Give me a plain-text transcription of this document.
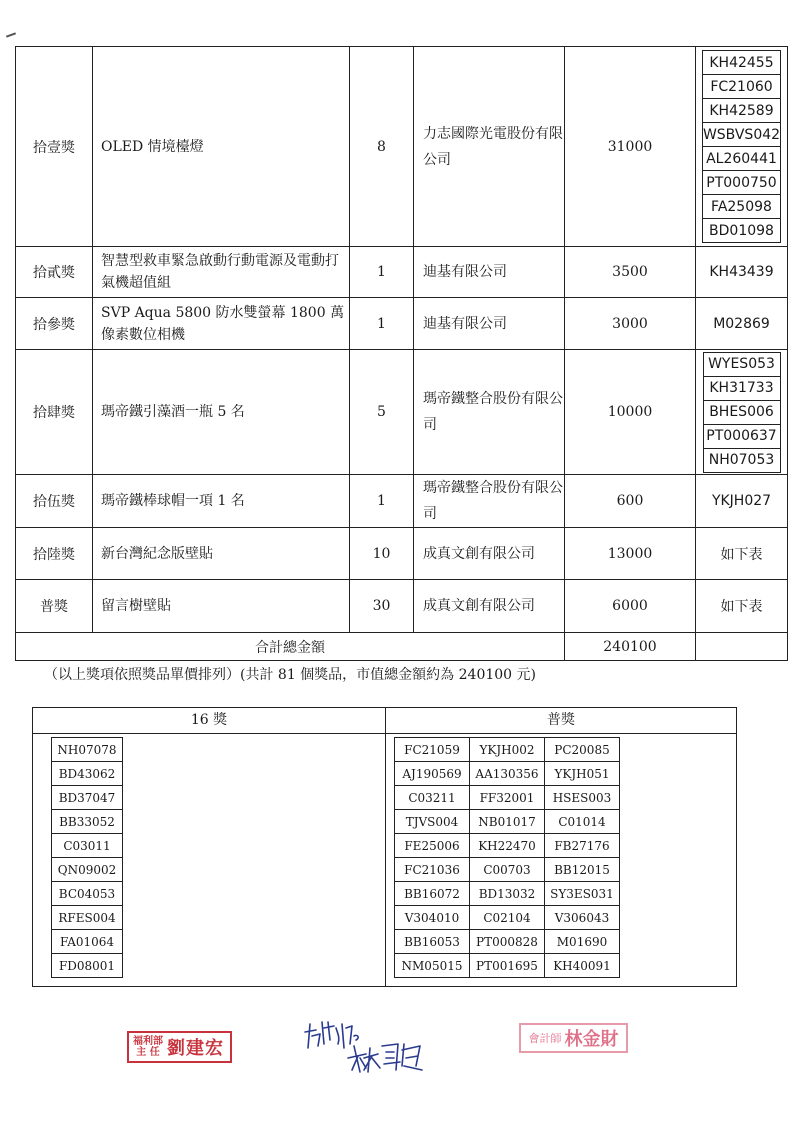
拾壹獎	OLED 情境檯燈	8	力志國際光電股份有限公司	31000	
KH42455
FC21060
KH42589
WSBVS042
AL260441
PT000750
FA25098
BD01098

拾貳獎	智慧型救車緊急啟動行動電源及電動打氣機超值組	1	迪基有限公司	3500	KH43439
拾參獎	SVP Aqua 5800 防水雙螢幕 1800 萬像素數位相機	1	迪基有限公司	3000	M02869
拾肆獎	瑪帝鐵引藻酒一瓶 5 名	5	瑪帝鐵整合股份有限公司	10000	
WYES053
KH31733
BHES006
PT000637
NH07053

拾伍獎	瑪帝鐵棒球帽一項 1 名	1	瑪帝鐵整合股份有限公司	600	YKJH027
拾陸獎	新台灣紀念版壁貼	10	成真文創有限公司	13000	如下表
普獎	留言樹壁貼	30	成真文創有限公司	6000	如下表
合計總金額	240100	
（以上獎項依照獎品單價排列）(共計 81 個獎品，市值總金額約為 240100 元)
16 獎	普獎
NH07078
BD43062
BD37047
BB33052
C03011
QN09002
BC04053
RFES004
FA01064
FD08001
FC21059	YKJH002	PC20085
AJ190569	AA130356	YKJH051
C03211	FF32001	HSES003
TJVS004	NB01017	C01014
FE25006	KH22470	FB27176
FC21036	C00703	BB12015
BB16072	BD13032	SY3ES031
V304010	C02104	V306043
BB16053	PT000828	M01690
NM05015	PT001695	KH40091
福利部
主 任 劉建宏	會計師 林金財
